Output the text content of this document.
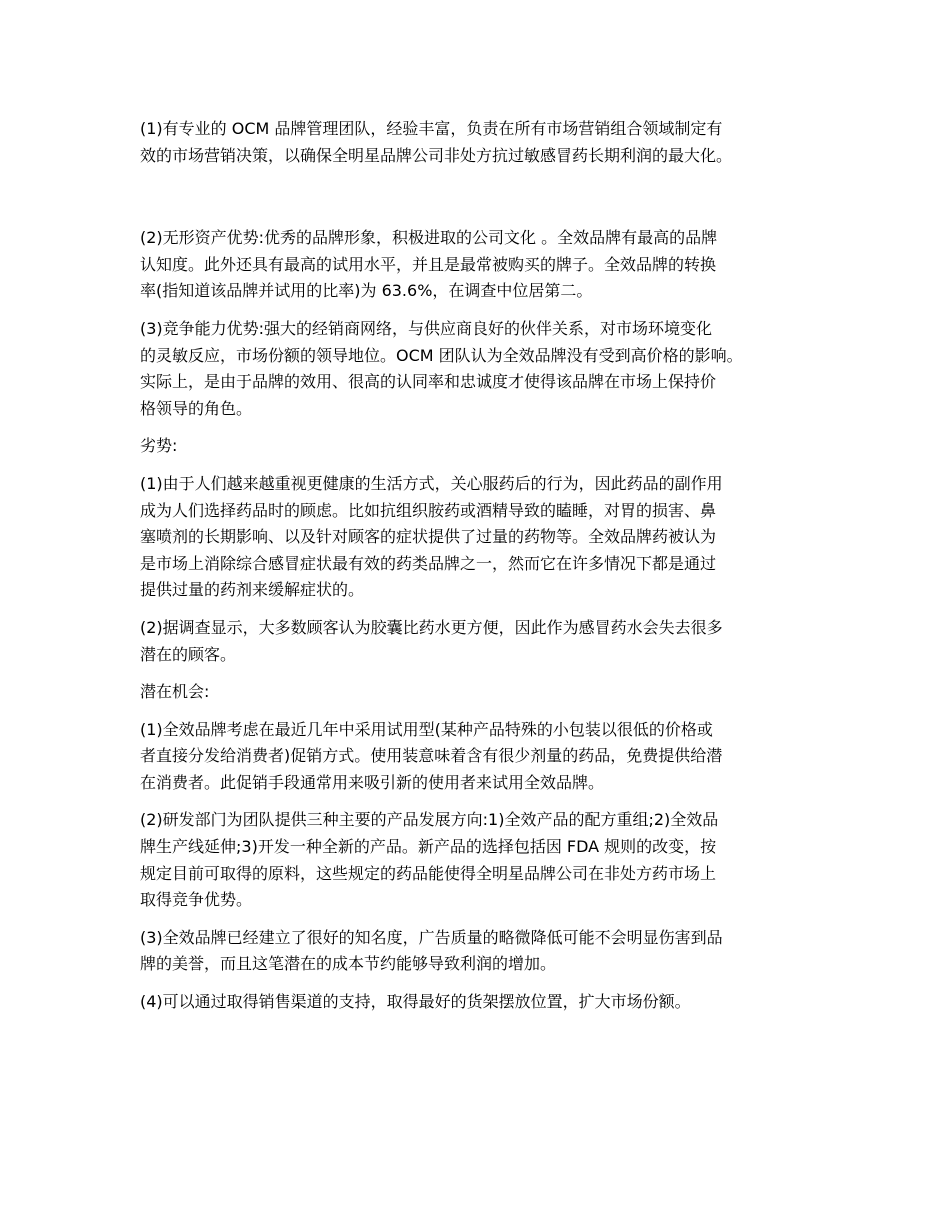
(1)有专业的 OCM 品牌管理团队，经验丰富，负责在所有市场营销组合领域制定有
效的市场营销决策，以确保全明星品牌公司非处方抗过敏感冒药长期利润的最大化。
(2)无形资产优势:优秀的品牌形象，积极进取的公司文化 。全效品牌有最高的品牌
认知度。此外还具有最高的试用水平，并且是最常被购买的牌子。全效品牌的转换
率(指知道该品牌并试用的比率)为 63.6%，在调查中位居第二。
(3)竞争能力优势:强大的经销商网络，与供应商良好的伙伴关系，对市场环境变化
的灵敏反应，市场份额的领导地位。OCM 团队认为全效品牌没有受到高价格的影响。
实际上，是由于品牌的效用、很高的认同率和忠诚度才使得该品牌在市场上保持价
格领导的角色。
劣势:
(1)由于人们越来越重视更健康的生活方式，关心服药后的行为，因此药品的副作用
成为人们选择药品时的顾虑。比如抗组织胺药或酒精导致的瞌睡，对胃的损害、鼻
塞喷剂的长期影响、以及针对顾客的症状提供了过量的药物等。全效品牌药被认为
是市场上消除综合感冒症状最有效的药类品牌之一，然而它在许多情况下都是通过
提供过量的药剂来缓解症状的。
(2)据调查显示，大多数顾客认为胶囊比药水更方便，因此作为感冒药水会失去很多
潜在的顾客。
潜在机会:
(1)全效品牌考虑在最近几年中采用试用型(某种产品特殊的小包装以很低的价格或
者直接分发给消费者)促销方式。使用装意味着含有很少剂量的药品，免费提供给潜
在消费者。此促销手段通常用来吸引新的使用者来试用全效品牌。
(2)研发部门为团队提供三种主要的产品发展方向:1)全效产品的配方重组;2)全效品
牌生产线延伸;3)开发一种全新的产品。新产品的选择包括因 FDA 规则的改变，按
规定目前可取得的原料，这些规定的药品能使得全明星品牌公司在非处方药市场上
取得竞争优势。
(3)全效品牌已经建立了很好的知名度，广告质量的略微降低可能不会明显伤害到品
牌的美誉，而且这笔潜在的成本节约能够导致利润的增加。
(4)可以通过取得销售渠道的支持，取得最好的货架摆放位置，扩大市场份额。
